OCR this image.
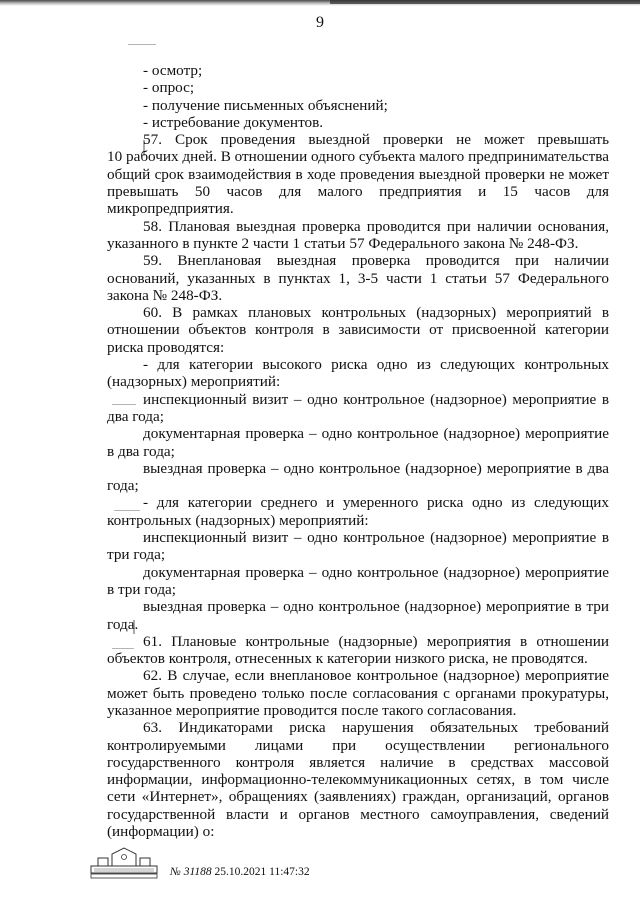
9

- осмотр;

- опрос;

- получение письменных объяснений;

- истребование документов.

57. Срок проведения выездной проверки не может превышать

10 рабочих дней. В отношении одного субъекта малого предпринимательства

общий срок взаимодействия в ходе проведения выездной проверки не может

превышать 50 часов для малого предприятия и 15 часов для

микропредприятия.

58. Плановая выездная проверка проводится при наличии основания,

указанного в пункте 2 части 1 статьи 57 Федерального закона № 248-ФЗ.

59. Внеплановая выездная проверка проводится при наличии

оснований, указанных в пунктах 1, 3-5 части 1 статьи 57 Федерального

закона № 248-ФЗ.

60. В рамках плановых контрольных (надзорных) мероприятий в

отношении объектов контроля в зависимости от присвоенной категории

риска проводятся:

- для категории высокого риска одно из следующих контрольных

(надзорных) мероприятий:

инспекционный визит – одно контрольное (надзорное) мероприятие в

два года;

документарная проверка – одно контрольное (надзорное) мероприятие

в два года;

выездная проверка – одно контрольное (надзорное) мероприятие в два

года;

- для категории среднего и умеренного риска одно из следующих

контрольных (надзорных) мероприятий:

инспекционный визит – одно контрольное (надзорное) мероприятие в

три года;

документарная проверка – одно контрольное (надзорное) мероприятие

в три года;

выездная проверка – одно контрольное (надзорное) мероприятие в три

года.

61. Плановые контрольные (надзорные) мероприятия в отношении

объектов контроля, отнесенных к категории низкого риска, не проводятся.

62. В случае, если внеплановое контрольное (надзорное) мероприятие

может быть проведено только после согласования с органами прокуратуры,

указанное мероприятие проводится после такого согласования.

63. Индикаторами риска нарушения обязательных требований

контролируемыми лицами при осуществлении регионального

государственного контроля является наличие в средствах массовой

информации, информационно-телекоммуникационных сетях, в том числе

сети «Интернет», обращениях (заявлениях) граждан, организаций, органов

государственной власти и органов местного самоуправления, сведений

(информации) о:

№ 31188 25.10.2021 11:47:32
